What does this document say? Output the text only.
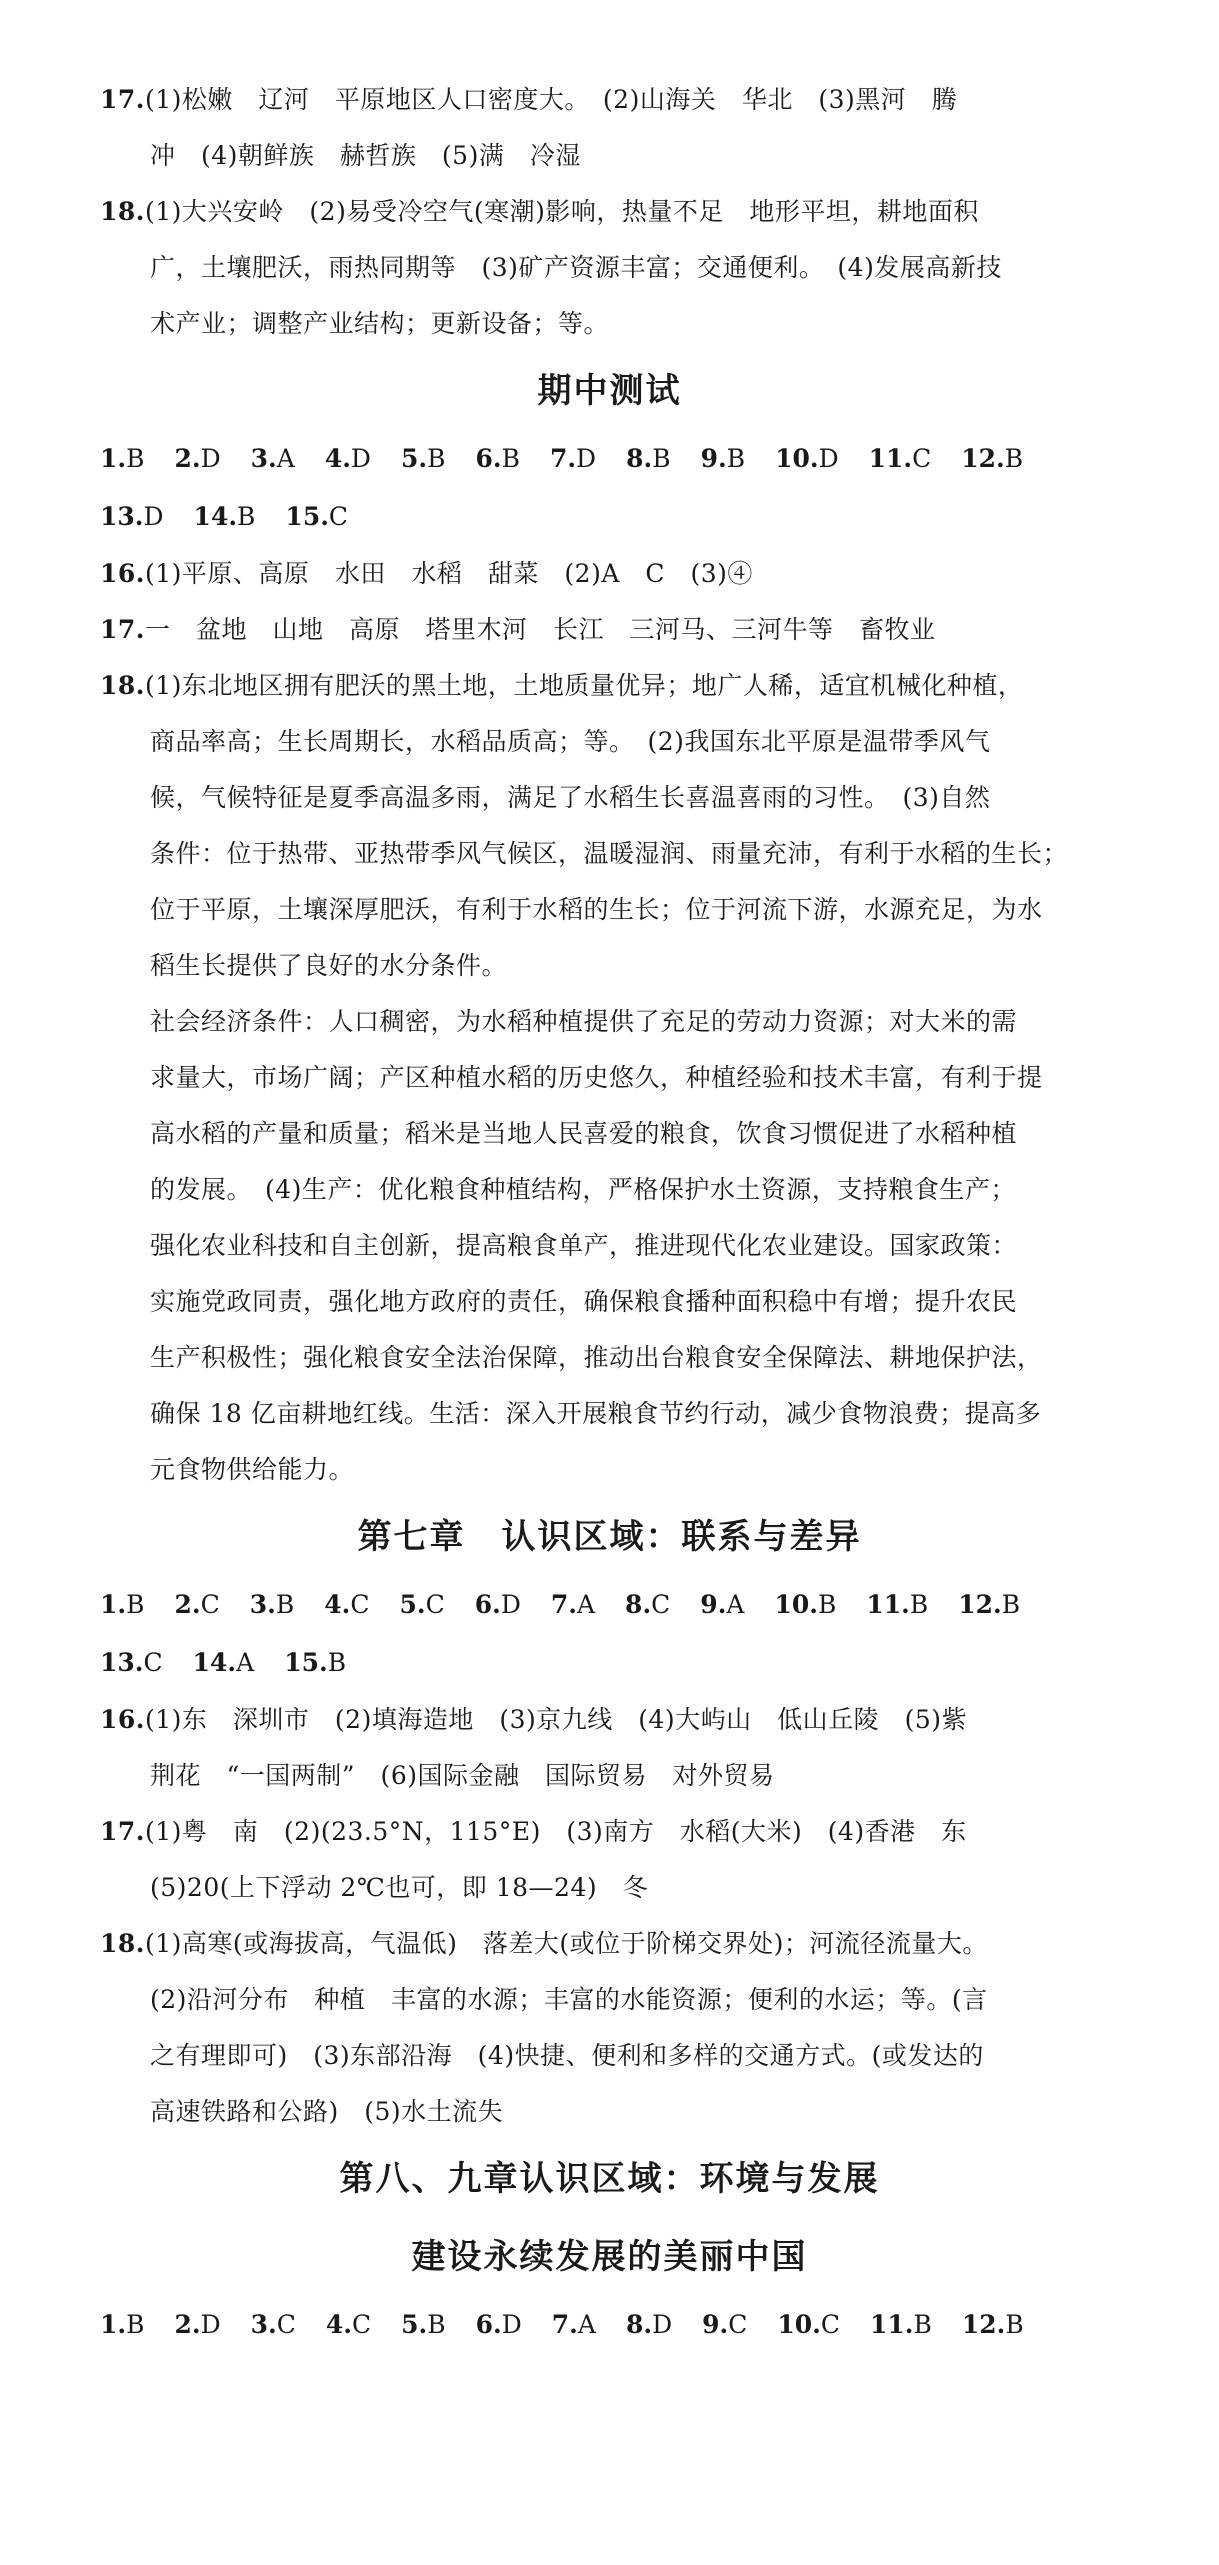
17.(1)松嫩　辽河　平原地区人口密度大。　(2)山海关　华北　(3)黑河　腾
冲　(4)朝鲜族　赫哲族　(5)满　冷湿
18.(1)大兴安岭　(2)易受冷空气(寒潮)影响，热量不足　地形平坦，耕地面积
广，土壤肥沃，雨热同期等　(3)矿产资源丰富；交通便利。　(4)发展高新技
术产业；调整产业结构；更新设备；等。
期中测试
1.B 2.D 3.A 4.D 5.B 6.B 7.D 8.B 9.B 10.D 11.C 12.B
13.D 14.B 15.C
16.(1)平原、高原　水田　水稻　甜菜　(2)A　C　(3)④
17.一　盆地　山地　高原　塔里木河　长江　三河马、三河牛等　畜牧业
18.(1)东北地区拥有肥沃的黑土地，土地质量优异；地广人稀，适宜机械化种植，
商品率高；生长周期长，水稻品质高；等。　(2)我国东北平原是温带季风气
候，气候特征是夏季高温多雨，满足了水稻生长喜温喜雨的习性。　(3)自然
条件：位于热带、亚热带季风气候区，温暖湿润、雨量充沛，有利于水稻的生长；
位于平原，土壤深厚肥沃，有利于水稻的生长；位于河流下游，水源充足，为水
稻生长提供了良好的水分条件。
社会经济条件：人口稠密，为水稻种植提供了充足的劳动力资源；对大米的需
求量大，市场广阔；产区种植水稻的历史悠久，种植经验和技术丰富，有利于提
高水稻的产量和质量；稻米是当地人民喜爱的粮食，饮食习惯促进了水稻种植
的发展。　(4)生产：优化粮食种植结构，严格保护水土资源，支持粮食生产；
强化农业科技和自主创新，提高粮食单产，推进现代化农业建设。国家政策：
实施党政同责，强化地方政府的责任，确保粮食播种面积稳中有增；提升农民
生产积极性；强化粮食安全法治保障，推动出台粮食安全保障法、耕地保护法，
确保 18 亿亩耕地红线。生活：深入开展粮食节约行动，减少食物浪费；提高多
元食物供给能力。
第七章　认识区域：联系与差异
1.B 2.C 3.B 4.C 5.C 6.D 7.A 8.C 9.A 10.B 11.B 12.B
13.C 14.A 15.B
16.(1)东　深圳市　(2)填海造地　(3)京九线　(4)大屿山　低山丘陵　(5)紫
荆花　“一国两制”　(6)国际金融　国际贸易　对外贸易
17.(1)粤　南　(2)(23.5°N，115°E)　(3)南方　水稻(大米)　(4)香港　东
(5)20(上下浮动 2℃也可，即 18—24)　冬
18.(1)高寒(或海拔高，气温低)　落差大(或位于阶梯交界处)；河流径流量大。
(2)沿河分布　种植　丰富的水源；丰富的水能资源；便利的水运；等。(言
之有理即可)　(3)东部沿海　(4)快捷、便利和多样的交通方式。(或发达的
高速铁路和公路)　(5)水土流失
第八、九章认识区域：环境与发展
建设永续发展的美丽中国
1.B 2.D 3.C 4.C 5.B 6.D 7.A 8.D 9.C 10.C 11.B 12.B
